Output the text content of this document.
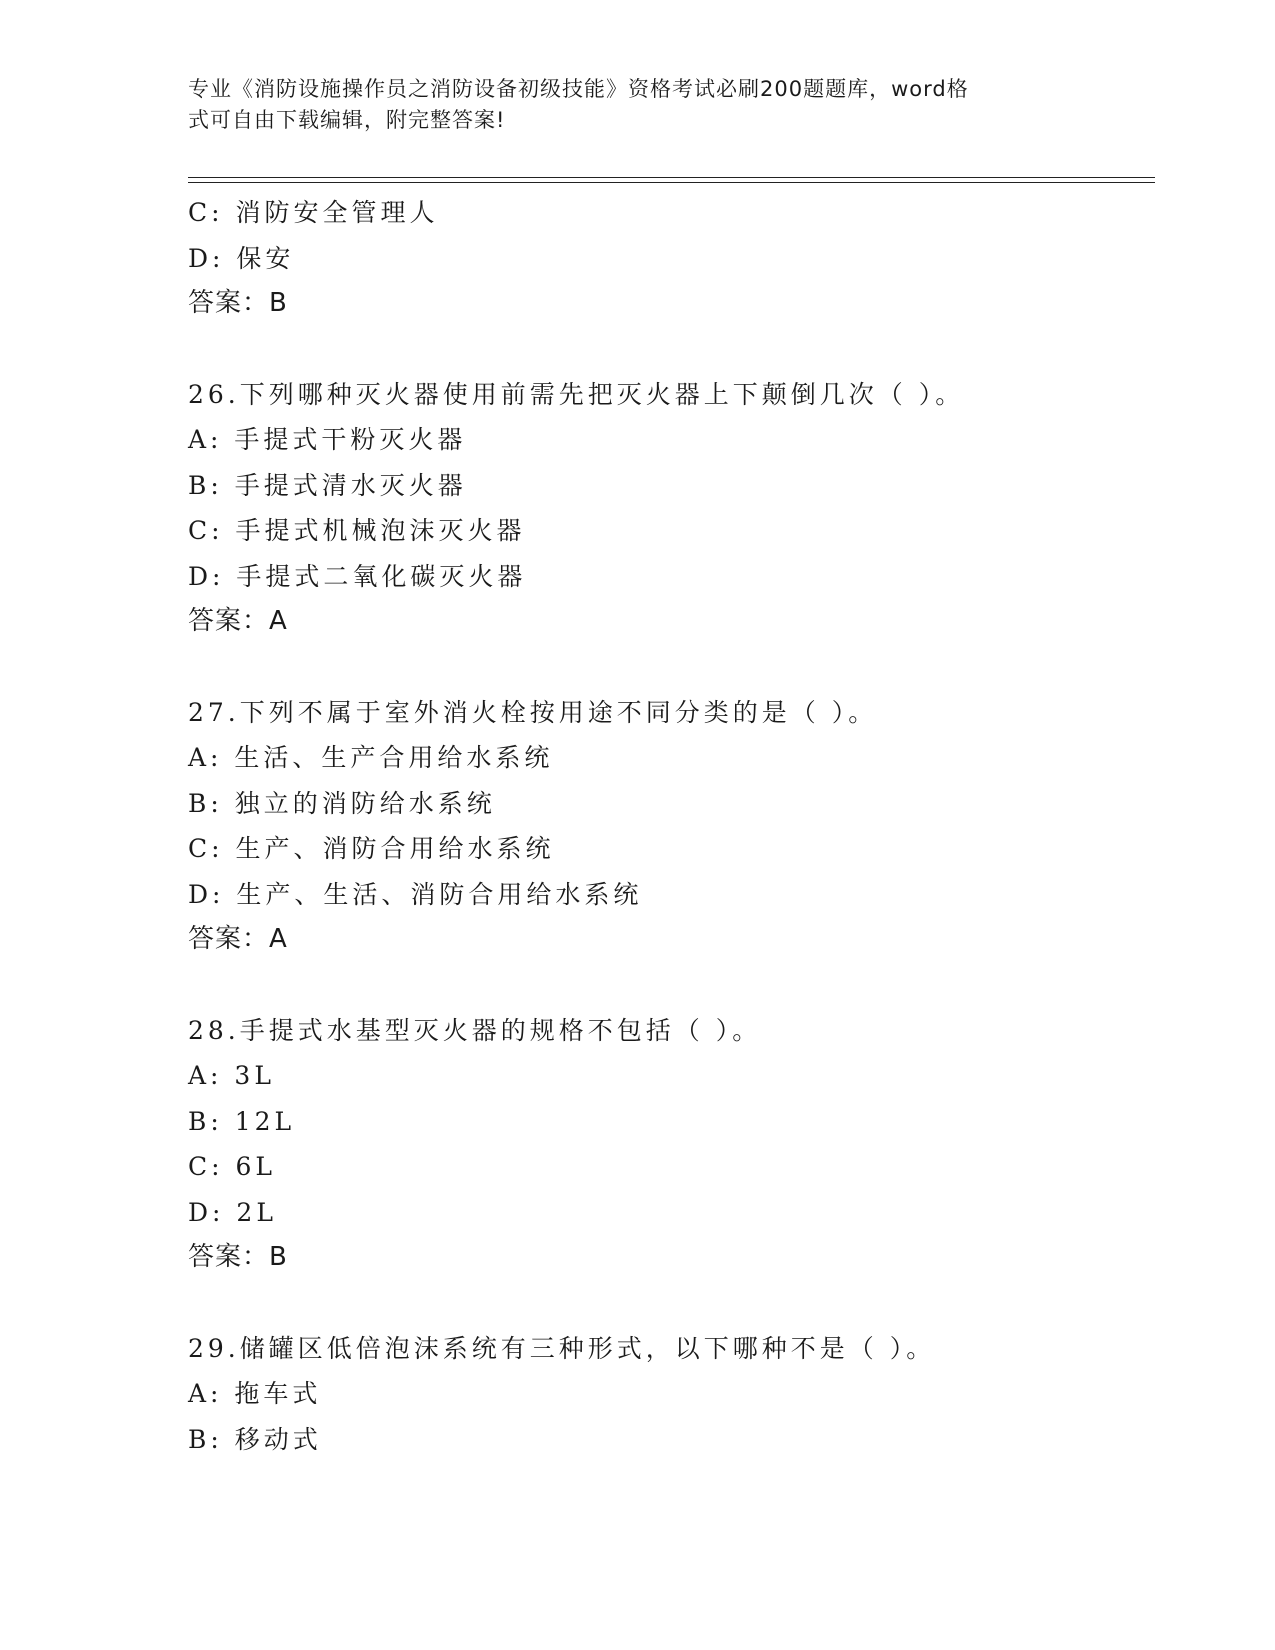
专业《消防设施操作员之消防设备初级技能》资格考试必刷200题题库，word格
式可自由下载编辑，附完整答案!
C: 消防安全管理人
D: 保安
答案：B
26.下列哪种灭火器使用前需先把灭火器上下颠倒几次（ ）。
A: 手提式干粉灭火器
B: 手提式清水灭火器
C: 手提式机械泡沫灭火器
D: 手提式二氧化碳灭火器
答案：A
27.下列不属于室外消火栓按用途不同分类的是（ ）。
A: 生活、生产合用给水系统
B: 独立的消防给水系统
C: 生产、消防合用给水系统
D: 生产、生活、消防合用给水系统
答案：A
28.手提式水基型灭火器的规格不包括（ ）。
A: 3L
B: 12L
C: 6L
D: 2L
答案：B
29.储罐区低倍泡沫系统有三种形式，以下哪种不是（ ）。
A: 拖车式
B: 移动式
